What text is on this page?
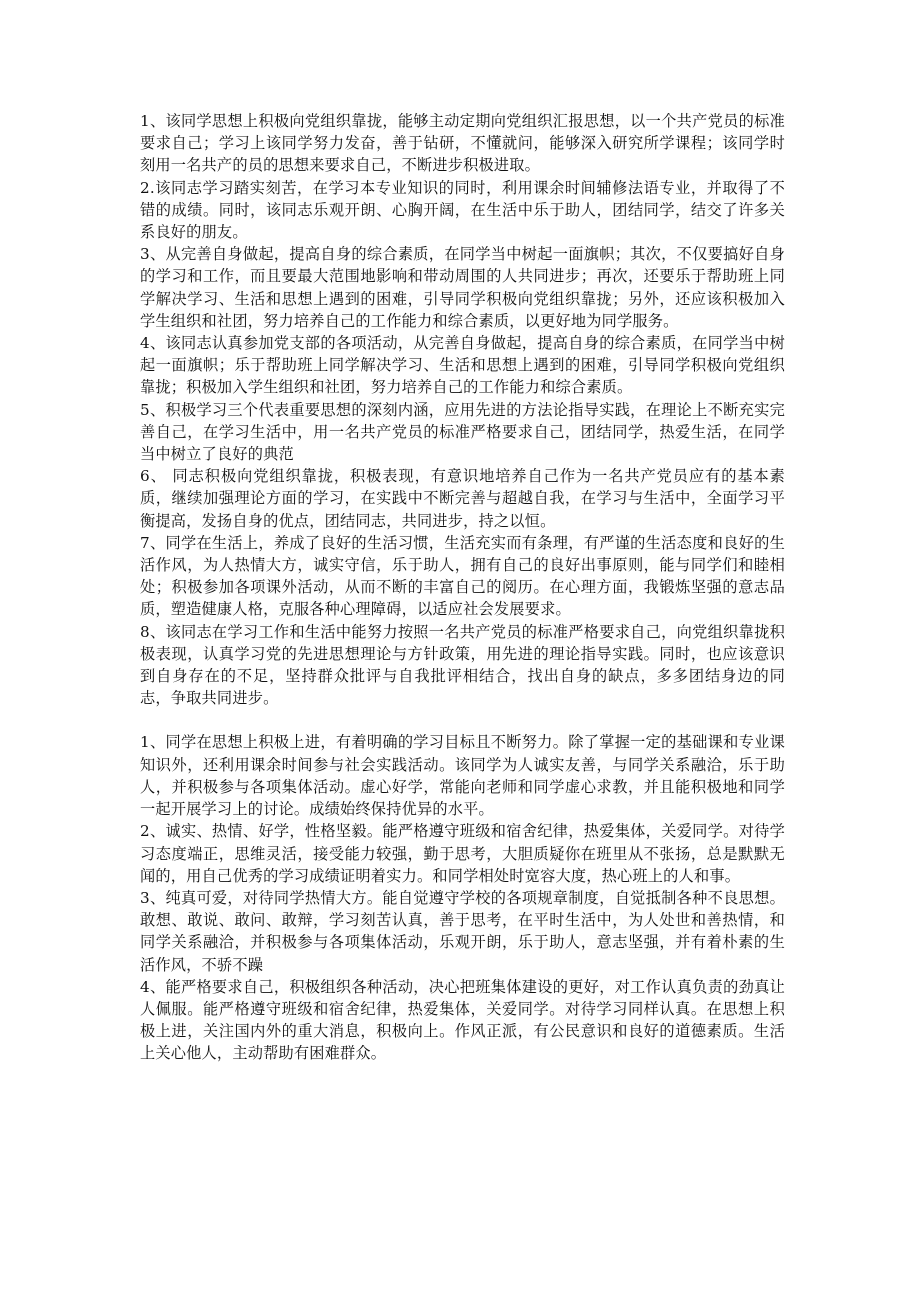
1、该同学思想上积极向党组织靠拢，能够主动定期向党组织汇报思想，以一个共产党员的标准要求自己；学习上该同学努力发奋，善于钻研，不懂就问，能够深入研究所学课程；该同学时刻用一名共产的员的思想来要求自己，不断进步积极进取。

2.该同志学习踏实刻苦，在学习本专业知识的同时，利用课余时间辅修法语专业，并取得了不错的成绩。同时，该同志乐观开朗、心胸开阔，在生活中乐于助人，团结同学，结交了许多关系良好的朋友。

3、从完善自身做起，提高自身的综合素质，在同学当中树起一面旗帜；其次，不仅要搞好自身的学习和工作，而且要最大范围地影响和带动周围的人共同进步；再次，还要乐于帮助班上同学解决学习、生活和思想上遇到的困难，引导同学积极向党组织靠拢；另外，还应该积极加入学生组织和社团，努力培养自己的工作能力和综合素质，以更好地为同学服务。

4、该同志认真参加党支部的各项活动，从完善自身做起，提高自身的综合素质，在同学当中树起一面旗帜；乐于帮助班上同学解决学习、生活和思想上遇到的困难，引导同学积极向党组织靠拢；积极加入学生组织和社团，努力培养自己的工作能力和综合素质。

5、积极学习三个代表重要思想的深刻内涵，应用先进的方法论指导实践，在理论上不断充实完善自己，在学习生活中，用一名共产党员的标准严格要求自己，团结同学，热爱生活，在同学当中树立了良好的典范

6、 同志积极向党组织靠拢，积极表现，有意识地培养自己作为一名共产党员应有的基本素质，继续加强理论方面的学习，在实践中不断完善与超越自我，在学习与生活中，全面学习平衡提高，发扬自身的优点，团结同志，共同进步，持之以恒。

7、同学在生活上，养成了良好的生活习惯，生活充实而有条理，有严谨的生活态度和良好的生活作风，为人热情大方，诚实守信，乐于助人，拥有自己的良好出事原则，能与同学们和睦相处；积极参加各项课外活动，从而不断的丰富自己的阅历。在心理方面，我锻炼坚强的意志品质，塑造健康人格，克服各种心理障碍，以适应社会发展要求。

8、该同志在学习工作和生活中能努力按照一名共产党员的标准严格要求自己，向党组织靠拢积极表现，认真学习党的先进思想理论与方针政策，用先进的理论指导实践。同时，也应该意识到自身存在的不足，坚持群众批评与自我批评相结合，找出自身的缺点，多多团结身边的同志，争取共同进步。

1、同学在思想上积极上进，有着明确的学习目标且不断努力。除了掌握一定的基础课和专业课知识外，还利用课余时间参与社会实践活动。该同学为人诚实友善，与同学关系融洽，乐于助人，并积极参与各项集体活动。虚心好学，常能向老师和同学虚心求教，并且能积极地和同学一起开展学习上的讨论。成绩始终保持优异的水平。

2、诚实、热情、好学，性格坚毅。能严格遵守班级和宿舍纪律，热爱集体，关爱同学。对待学习态度端正，思维灵活，接受能力较强，勤于思考，大胆质疑你在班里从不张扬，总是默默无闻的，用自己优秀的学习成绩证明着实力。和同学相处时宽容大度，热心班上的人和事。

3、纯真可爱，对待同学热情大方。能自觉遵守学校的各项规章制度，自觉抵制各种不良思想。敢想、敢说、敢问、敢辩，学习刻苦认真，善于思考，在平时生活中，为人处世和善热情，和同学关系融洽，并积极参与各项集体活动，乐观开朗，乐于助人，意志坚强，并有着朴素的生活作风，不骄不躁

4、能严格要求自己，积极组织各种活动，决心把班集体建设的更好，对工作认真负责的劲真让人佩服。能严格遵守班级和宿舍纪律，热爱集体，关爱同学。对待学习同样认真。在思想上积极上进，关注国内外的重大消息，积极向上。作风正派，有公民意识和良好的道德素质。生活上关心他人，主动帮助有困难群众。
